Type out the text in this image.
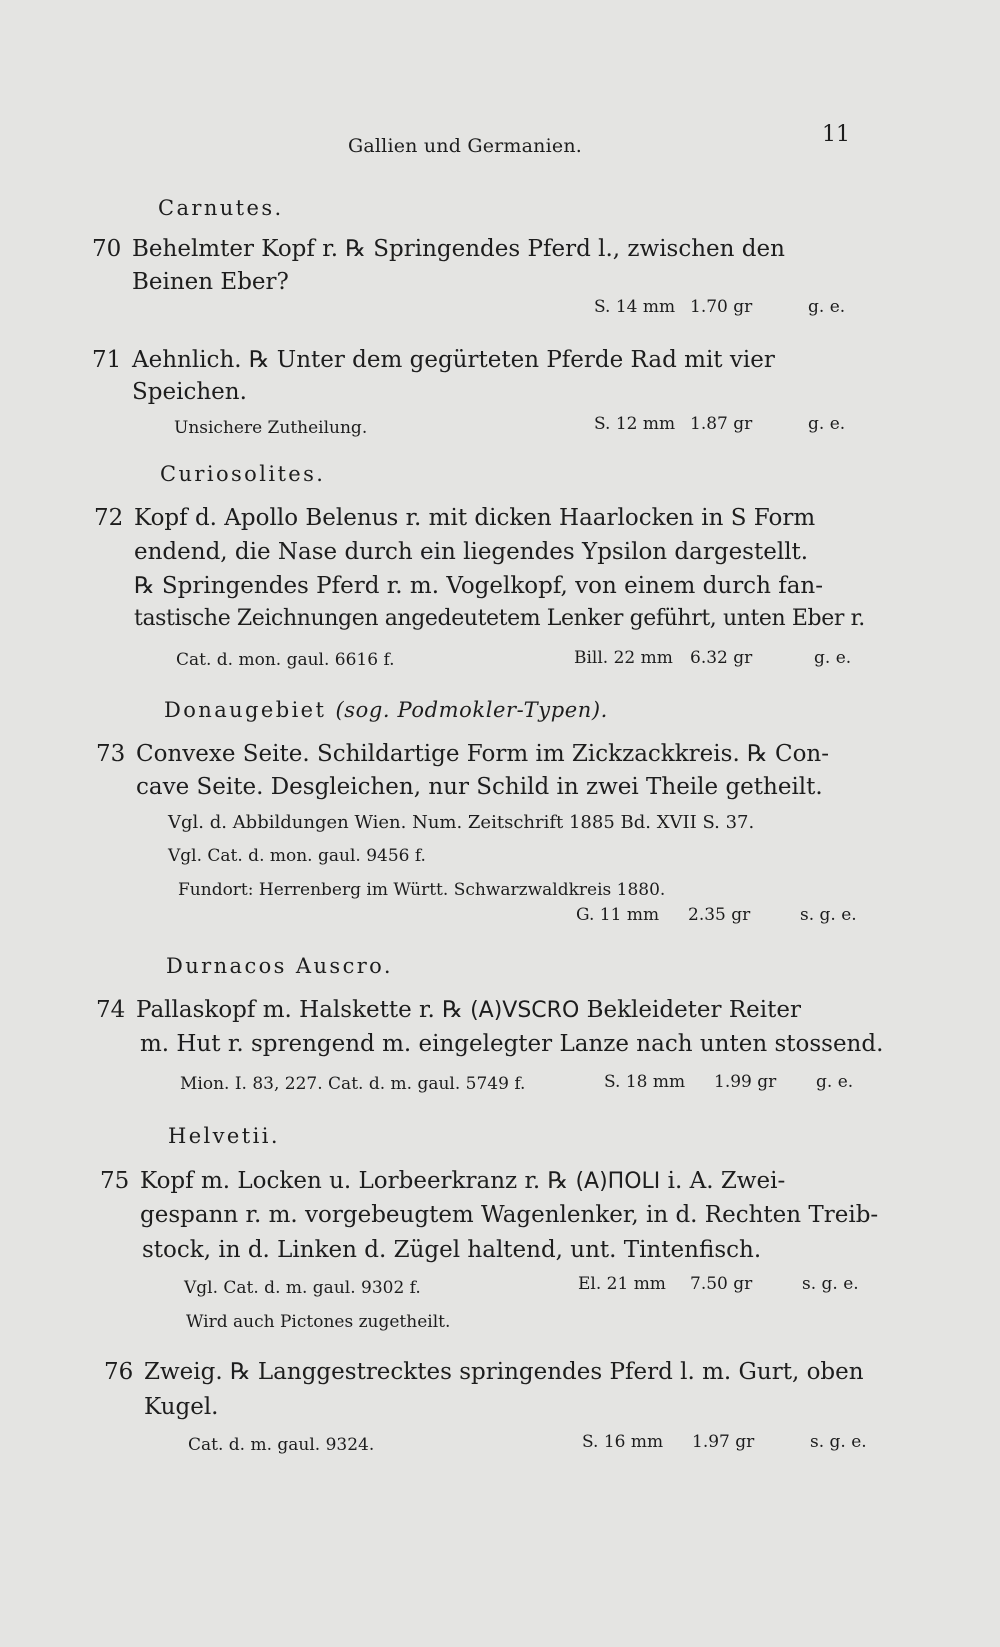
Gallien und Germanien.	11
Carnutes.
70 Behelmter Kopf r. ℞ Springendes Pferd l., zwischen den
Beinen Eber?
S. 14 mm 1.70 gr	g. e.
71 Aehnlich. ℞ Unter dem gegürteten Pferde Rad mit vier
Speichen.
Unsichere Zutheilung.	S. 12 mm 1.87 gr	g. e.
Curiosolites.
72 Kopf d. Apollo Belenus r. mit dicken Haarlocken in S Form
endend, die Nase durch ein liegendes Ypsilon dargestellt.
℞ Springendes Pferd r. m. Vogelkopf, von einem durch fan-
tastische Zeichnungen angedeutetem Lenker geführt, unten Eber r.
Cat. d. mon. gaul. 6616 f.	Bill. 22 mm 6.32 gr	g. e.
Donaugebiet (sog. Podmokler-Typen).
73 Convexe Seite. Schildartige Form im Zickzackkreis. ℞ Con-
cave Seite. Desgleichen, nur Schild in zwei Theile getheilt.
Vgl. d. Abbildungen Wien. Num. Zeitschrift 1885 Bd. XVII S. 37.
Vgl. Cat. d. mon. gaul. 9456 f.
Fundort: Herrenberg im Württ. Schwarzwaldkreis 1880.
G. 11 mm 2.35 gr	s. g. e.
Durnacos Auscro.
74 Pallaskopf m. Halskette r. ℞ (A)VSCRO Bekleideter Reiter
m. Hut r. sprengend m. eingelegter Lanze nach unten stossend.
Mion. I. 83, 227. Cat. d. m. gaul. 5749 f.	S. 18 mm 1.99 gr g. e.
Helvetii.
75 Kopf m. Locken u. Lorbeerkranz r. ℞ (A)ΠOLI i. A. Zwei-
gespann r. m. vorgebeugtem Wagenlenker, in d. Rechten Treib-
stock, in d. Linken d. Zügel haltend, unt. Tintenfisch.
Vgl. Cat. d. m. gaul. 9302 f.	El. 21 mm 7.50 gr	s. g. e.
Wird auch Pictones zugetheilt.
76 Zweig. ℞ Langgestrecktes springendes Pferd l. m. Gurt, oben
Kugel.
Cat. d. m. gaul. 9324.	S. 16 mm 1.97 gr	s. g. e.
